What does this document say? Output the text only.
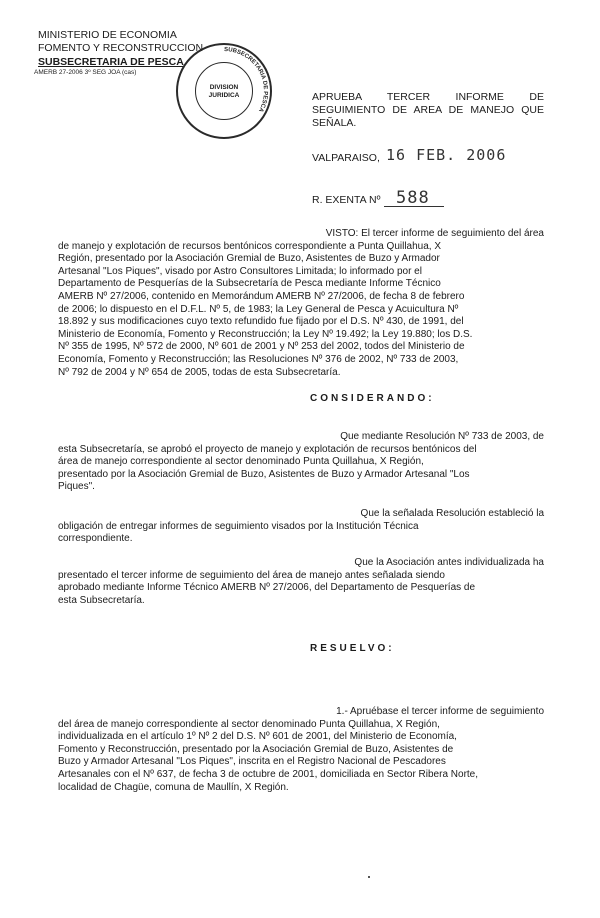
MINISTERIO DE ECONOMIA
FOMENTO Y RECONSTRUCCION
SUBSECRETARIA DE PESCA
AMERB 27-2006 3º SEG JOA (cas)
SUBSECRETARIA DE PESCA
DIVISION
JURIDICA	APRUEBA TERCER INFORME DE SEGUIMIENTO DE AREA DE MANEJO QUE SEÑALA.
VALPARAISO, 16 FEB. 2006
R. EXENTA Nº 588
VISTO: El tercer informe de seguimiento del área
de manejo y explotación de recursos bentónicos correspondiente a Punta Quillahua, X
Región, presentado por la Asociación Gremial de Buzo, Asistentes de Buzo y Armador
Artesanal "Los Piques", visado por Astro Consultores Limitada; lo informado por el
Departamento de Pesquerías de la Subsecretaría de Pesca mediante Informe Técnico
AMERB Nº 27/2006, contenido en Memorándum AMERB Nº 27/2006, de fecha 8 de febrero
de 2006; lo dispuesto en el D.F.L. Nº 5, de 1983; la Ley General de Pesca y Acuicultura Nº
18.892 y sus modificaciones cuyo texto refundido fue fijado por el D.S. Nº 430, de 1991, del
Ministerio de Economía, Fomento y Reconstrucción; la Ley Nº 19.492; la Ley 19.880; los D.S.
Nº 355 de 1995, Nº 572 de 2000, Nº 601 de 2001 y Nº 253 del 2002, todos del Ministerio de
Economía, Fomento y Reconstrucción; las Resoluciones Nº 376 de 2002, Nº 733 de 2003,
Nº 792 de 2004 y Nº 654 de 2005, todas de esta Subsecretaría.
CONSIDERANDO:
Que mediante Resolución Nº 733 de 2003, de
esta Subsecretaría, se aprobó el proyecto de manejo y explotación de recursos bentónicos del
área de manejo correspondiente al sector denominado Punta Quillahua, X Región,
presentado por la Asociación Gremial de Buzo, Asistentes de Buzo y Armador Artesanal "Los
Piques".
Que la señalada Resolución estableció la
obligación de entregar informes de seguimiento visados por la Institución Técnica
correspondiente.
Que la Asociación antes individualizada ha
presentado el tercer informe de seguimiento del área de manejo antes señalada siendo
aprobado mediante Informe Técnico AMERB Nº 27/2006, del Departamento de Pesquerías de
esta Subsecretaría.
RESUELVO:
1.- Apruébase el tercer informe de seguimiento
del área de manejo correspondiente al sector denominado Punta Quillahua, X Región,
individualizada en el artículo 1º Nº 2 del D.S. Nº 601 de 2001, del Ministerio de Economía,
Fomento y Reconstrucción, presentado por la Asociación Gremial de Buzo, Asistentes de
Buzo y Armador Artesanal "Los Piques", inscrita en el Registro Nacional de Pescadores
Artesanales con el Nº 637, de fecha 3 de octubre de 2001, domiciliada en Sector Ribera Norte,
localidad de Chagüe, comuna de Maullín, X Región.
